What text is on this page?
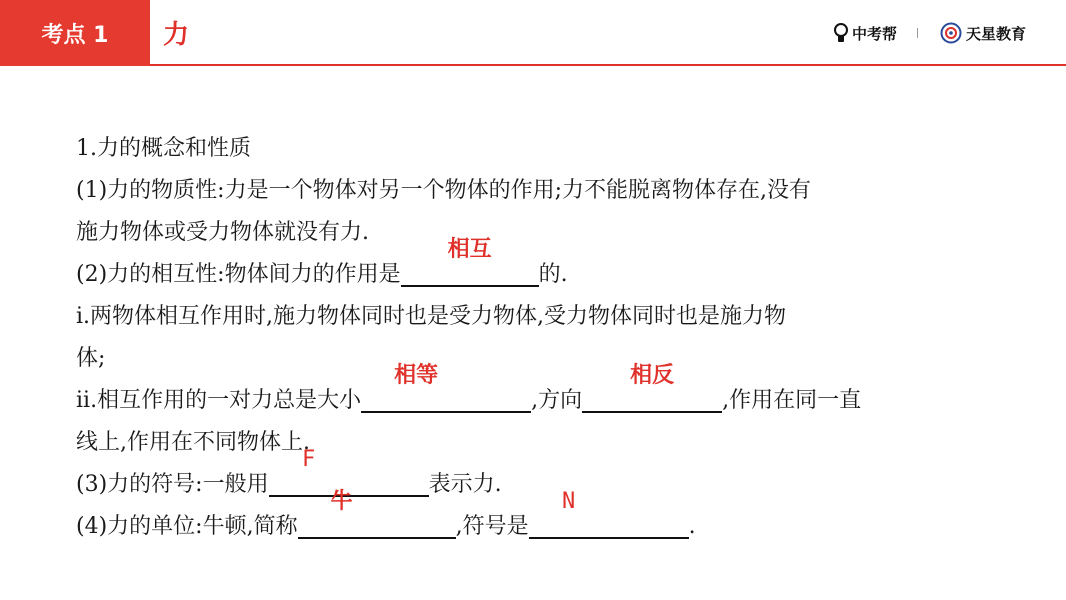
考点 1	力	中考帮	天星教育
1.力的概念和性质
(1)力的物质性:力是一个物体对另一个物体的作用;力不能脱离物体存在,没有
施力物体或受力物体就没有力.
(2)力的相互性:物体间力的作用是
相互
的.
i.两物体相互作用时,施力物体同时也是受力物体,受力物体同时也是施力物
体;
ii.相互作用的一对力总是大小
相等
,方向
相反
,作用在同一直
线上,作用在不同物体上.
(3)力的符号:一般用
F
表示力.
(4)力的单位:牛顿,简称
牛
,符号是
N
.
